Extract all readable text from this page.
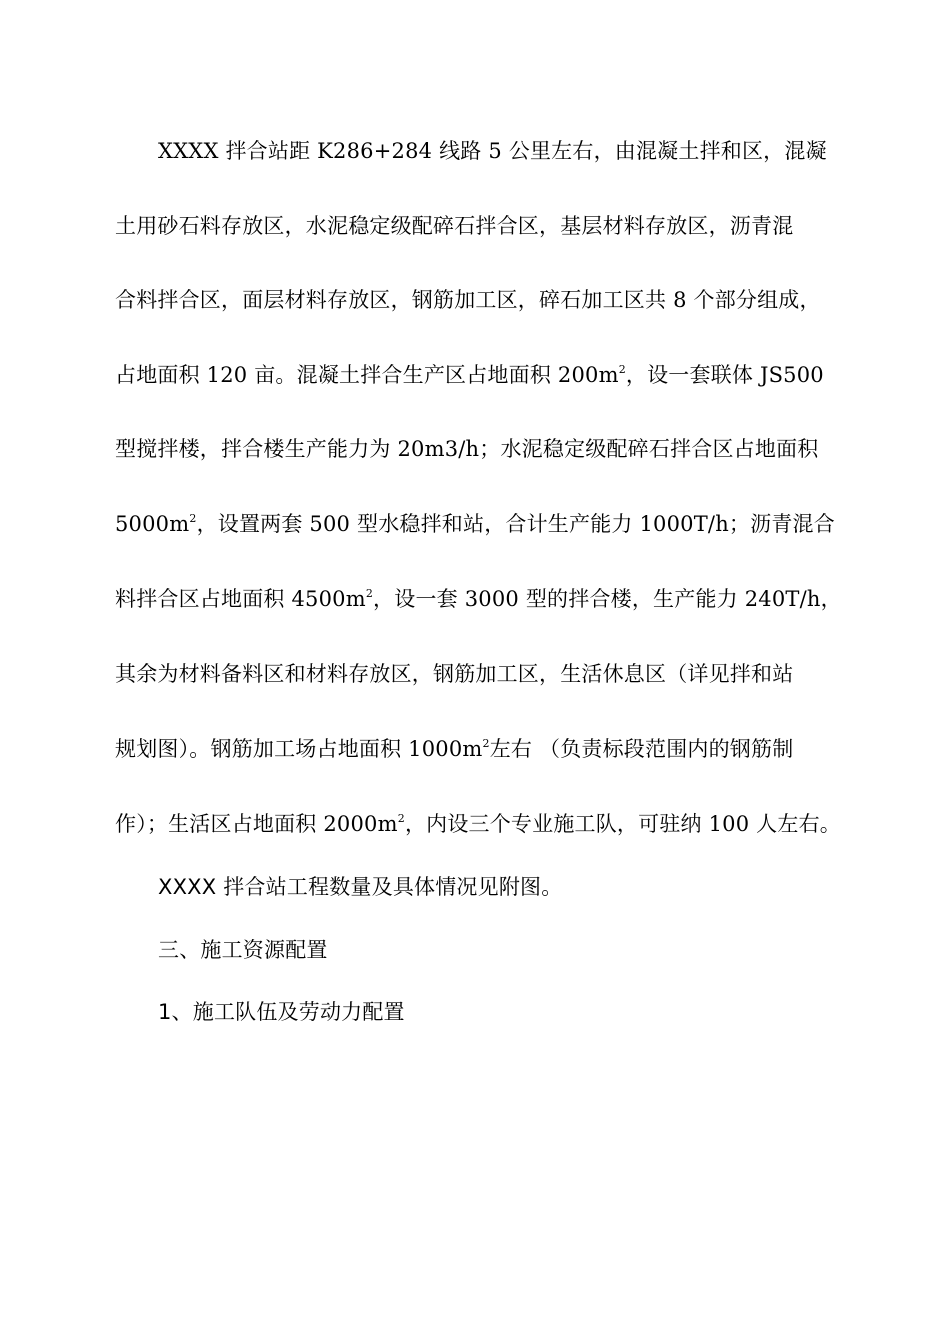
XXXX 拌合站距 K286+284 线路 5 公里左右，由混凝土拌和区，混凝

土用砂石料存放区，水泥稳定级配碎石拌合区，基层材料存放区，沥青混

合料拌合区，面层材料存放区，钢筋加工区，碎石加工区共 8 个部分组成，

占地面积 120 亩。混凝土拌合生产区占地面积 $200m^2$，设一套联体 JS500

型搅拌楼，拌合楼生产能力为 20m3/h；水泥稳定级配碎石拌合区占地面积

$5000m^2$，设置两套 500 型水稳拌和站，合计生产能力 1000T/h；沥青混合

料拌合区占地面积 $4500m^2$，设一套 3000 型的拌合楼，生产能力 240T/h，

其余为材料备料区和材料存放区，钢筋加工区，生活休息区（详见拌和站

规划图）。钢筋加工场占地面积 $1000m^2$左右 （负责标段范围内的钢筋制

作）；生活区占地面积 $2000m^2$，内设三个专业施工队，可驻纳 100 人左右。

XXXX 拌合站工程数量及具体情况见附图。

三、施工资源配置

1、施工队伍及劳动力配置
